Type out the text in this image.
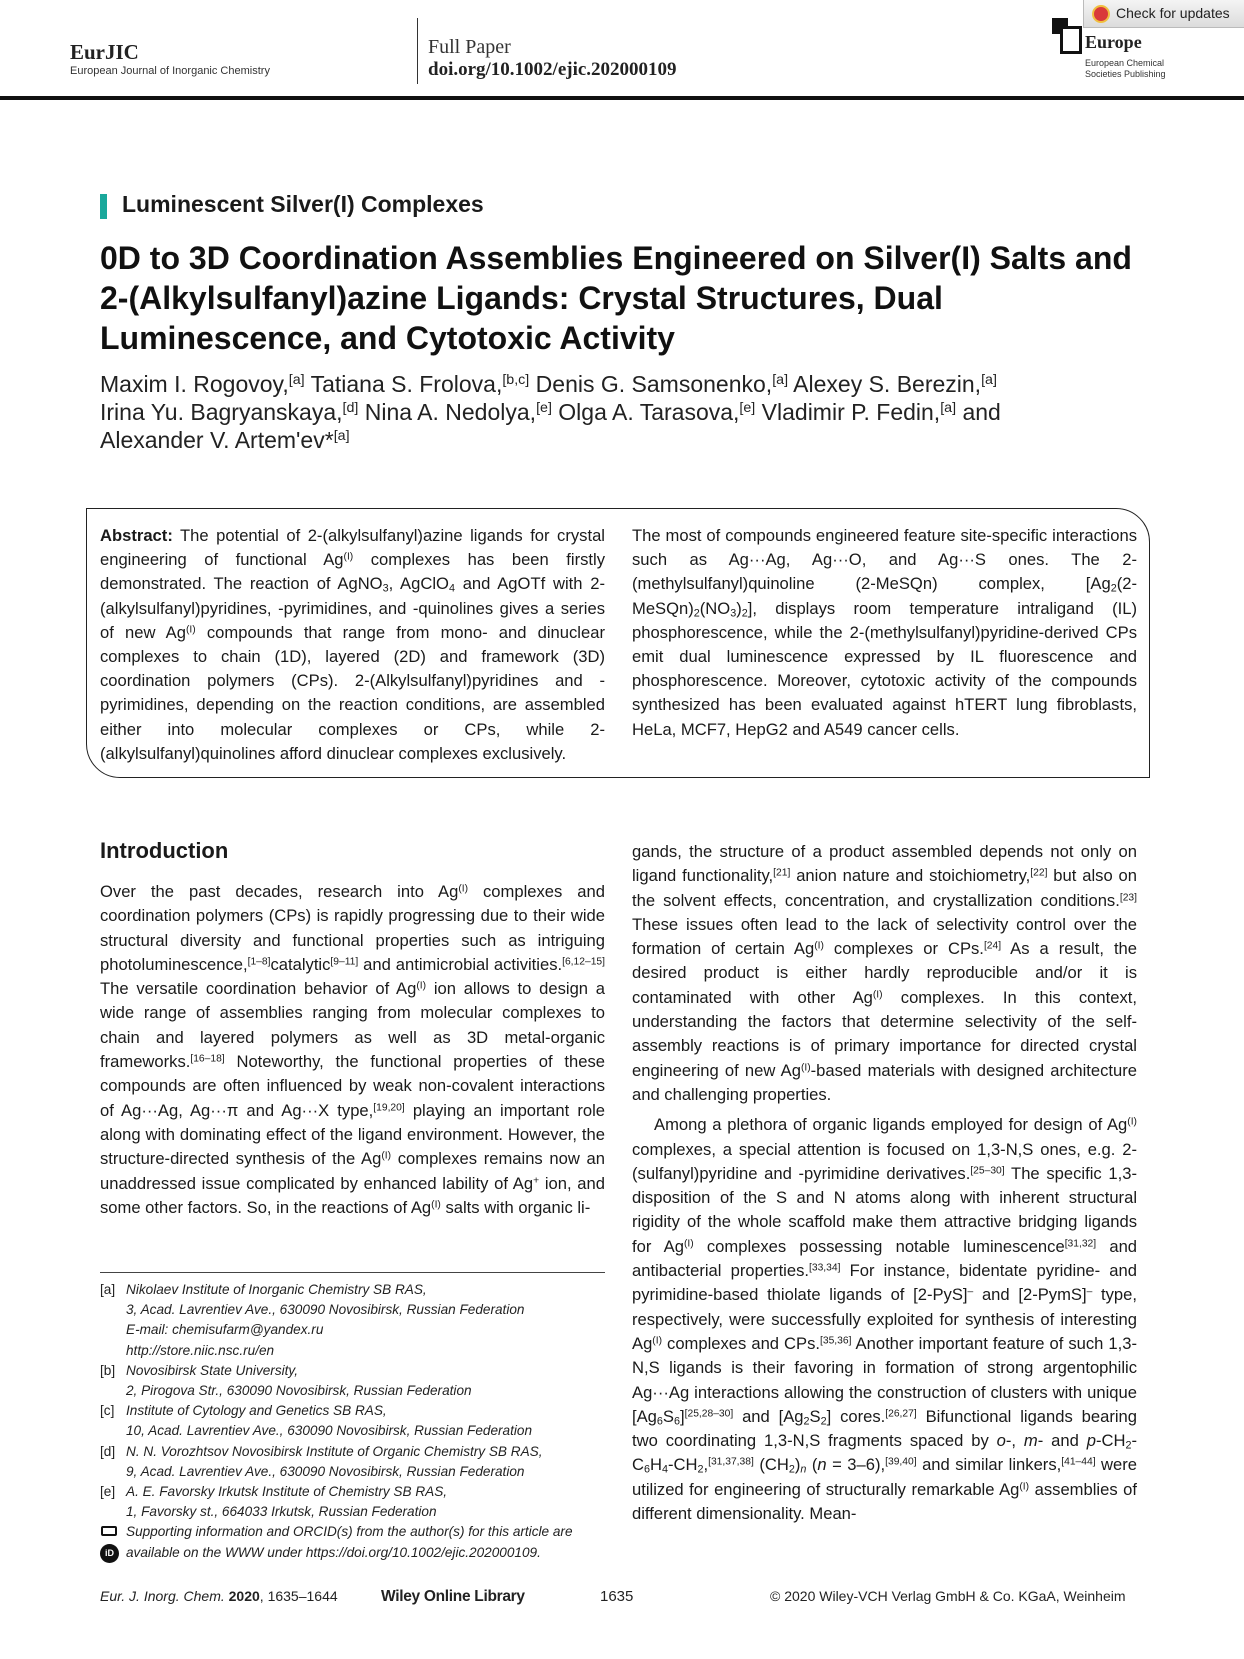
EurJIC
European Journal of Inorganic Chemistry
Full Paper
doi.org/10.1002/ejic.202000109
Europe
European Chemical
Societies Publishing
Check for updates
Luminescent Silver(I) Complexes
0D to 3D Coordination Assemblies Engineered on Silver(I) Salts and 2-(Alkylsulfanyl)azine Ligands: Crystal Structures, Dual Luminescence, and Cytotoxic Activity
Maxim I. Rogovoy,[a] Tatiana S. Frolova,[b,c] Denis G. Samsonenko,[a] Alexey S. Berezin,[a]
Irina Yu. Bagryanskaya,[d] Nina A. Nedolya,[e] Olga A. Tarasova,[e] Vladimir P. Fedin,[a] and
Alexander V. Artem'ev*[a]
Abstract: The potential of 2-(alkylsulfanyl)azine ligands for crystal engineering of functional $Ag^{(I)}$ complexes has been firstly demonstrated. The reaction of AgNO$_3$, AgClO$_4$ and AgOTf with 2-(alkylsulfanyl)pyridines, -pyrimidines, and -quinolines gives a series of new $Ag^{(I)}$ compounds that range from mono- and dinuclear complexes to chain (1D), layered (2D) and framework (3D) coordination polymers (CPs). 2-(Alkylsulfanyl)pyridines and -pyrimidines, depending on the reaction conditions, are assembled either into molecular complexes or CPs, while 2-(alkylsulfanyl)quinolines afford dinuclear complexes exclusively.
The most of compounds engineered feature site-specific interactions such as Ag···Ag, Ag···O, and Ag···S ones. The 2-(methylsulfanyl)quinoline (2-MeSQn) complex, $[Ag_2(2-MeSQn)_2(NO_3)_2]$, displays room temperature intraligand (IL) phosphorescence, while the 2-(methylsulfanyl)pyridine-derived CPs emit dual luminescence expressed by IL fluorescence and phosphorescence. Moreover, cytotoxic activity of the compounds synthesized has been evaluated against hTERT lung fibroblasts, HeLa, MCF7, HepG2 and A549 cancer cells.
Introduction

Over the past decades, research into $Ag^{(I)}$ complexes and coordination polymers (CPs) is rapidly progressing due to their wide structural diversity and functional properties such as intriguing photoluminescence,[1–8]catalytic[9–11] and antimicrobial activities.[6,12–15] The versatile coordination behavior of $Ag^{(I)}$ ion allows to design a wide range of assemblies ranging from molecular complexes to chain and layered polymers as well as 3D metal-organic frameworks.[16–18] Noteworthy, the functional properties of these compounds are often influenced by weak non-covalent interactions of Ag···Ag, Ag···π and Ag···X type,[19,20] playing an important role along with dominating effect of the ligand environment. However, the structure-directed synthesis of the $Ag^{(I)}$ complexes remains now an unaddressed issue complicated by enhanced lability of Ag+ ion, and some other factors. So, in the reactions of $Ag^{(I)}$ salts with organic li-

gands, the structure of a product assembled depends not only on ligand functionality,[21] anion nature and stoichiometry,[22] but also on the solvent effects, concentration, and crystallization conditions.[23] These issues often lead to the lack of selectivity control over the formation of certain $Ag^{(I)}$ complexes or CPs.[24] As a result, the desired product is either hardly reproducible and/or it is contaminated with other $Ag^{(I)}$ complexes. In this context, understanding the factors that determine selectivity of the self-assembly reactions is of primary importance for directed crystal engineering of new $Ag^{(I)}$-based materials with designed architecture and challenging properties.

Among a plethora of organic ligands employed for design of $Ag^{(I)}$ complexes, a special attention is focused on 1,3-N,S ones, e.g. 2-(sulfanyl)pyridine and -pyrimidine derivatives.[25–30] The specific 1,3-disposition of the S and N atoms along with inherent structural rigidity of the whole scaffold make them attractive bridging ligands for $Ag^{(I)}$ complexes possessing notable luminescence[31,32] and antibacterial properties.[33,34] For instance, bidentate pyridine- and pyrimidine-based thiolate ligands of [2-PyS]– and [2-PymS]– type, respectively, were successfully exploited for synthesis of interesting $Ag^{(I)}$ complexes and CPs.[35,36] Another important feature of such 1,3-N,S ligands is their favoring in formation of strong argentophilic Ag···Ag interactions allowing the construction of clusters with unique $[Ag_6S_6][25,28-30]$ and $[Ag_2S_2]$ cores.[26,27] Bifunctional ligands bearing two coordinating 1,3-N,S fragments spaced by o-, m- and $p-CH_2-C_6H_4-CH_2,[31,37,38]$ $(CH_2)_n$ (n = 3–6),[39,40] and similar linkers,[41–44] were utilized for engineering of structurally remarkable $Ag^{(I)}$ assemblies of different dimensionality. Mean-

[a] Nikolaev Institute of Inorganic Chemistry SB RAS,
3, Acad. Lavrentiev Ave., 630090 Novosibirsk, Russian Federation
E-mail: chemisufarm@yandex.ru
http://store.niic.nsc.ru/en
[b] Novosibirsk State University,
2, Pirogova Str., 630090 Novosibirsk, Russian Federation
[c] Institute of Cytology and Genetics SB RAS,
10, Acad. Lavrentiev Ave., 630090 Novosibirsk, Russian Federation
[d] N. N. Vorozhtsov Novosibirsk Institute of Organic Chemistry SB RAS,
9, Acad. Lavrentiev Ave., 630090 Novosibirsk, Russian Federation
[e] A. E. Favorsky Irkutsk Institute of Chemistry SB RAS,
1, Favorsky st., 664033 Irkutsk, Russian Federation
Supporting information and ORCID(s) from the author(s) for this article are
iD available on the WWW under https://doi.org/10.1002/ejic.202000109.
Eur. J. Inorg. Chem. 2020, 1635–1644	Wiley Online Library	1635	© 2020 Wiley-VCH Verlag GmbH & Co. KGaA, Weinheim
